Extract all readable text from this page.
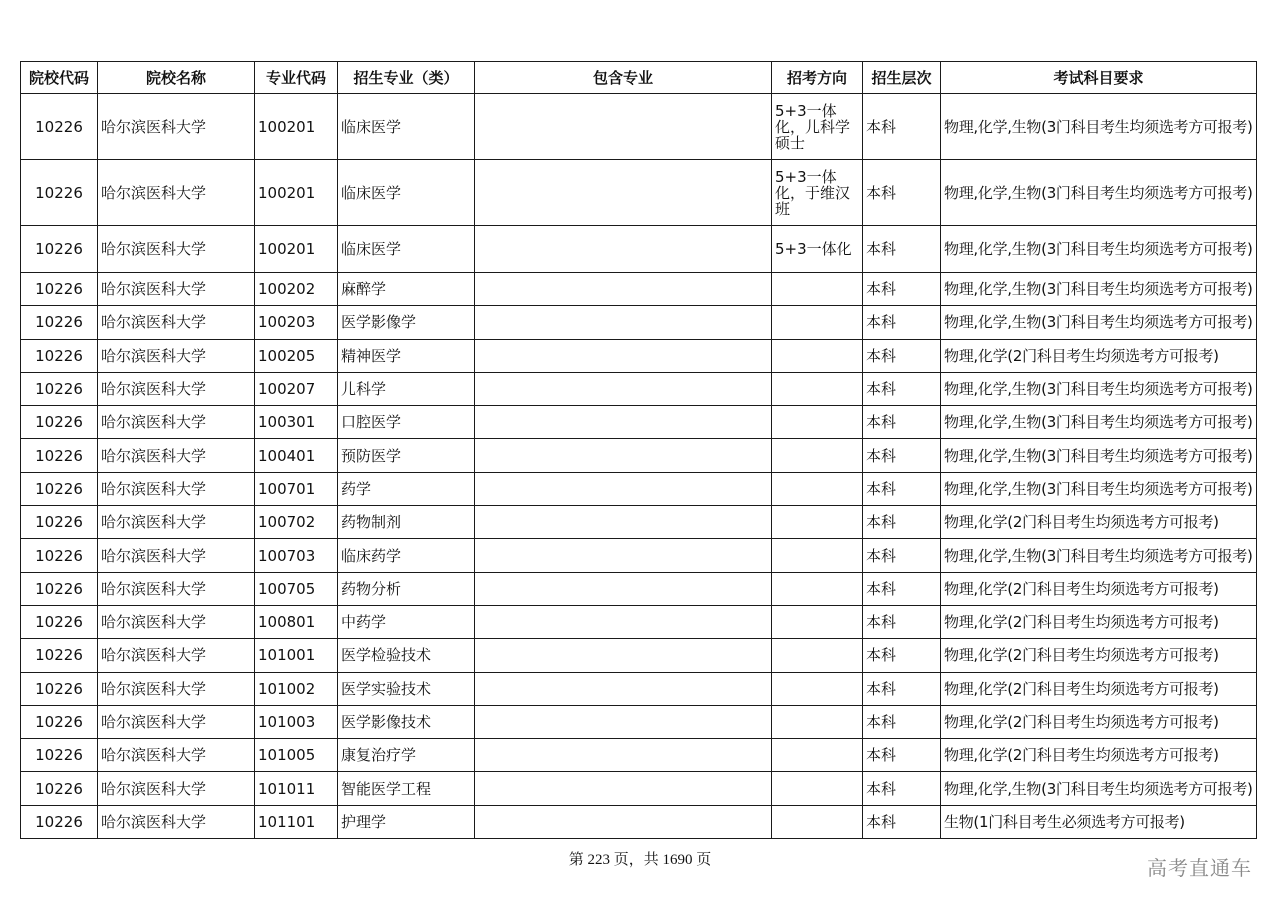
院校代码	院校名称	专业代码	招生专业（类）	包含专业	招考方向	招生层次	考试科目要求
10226	哈尔滨医科大学	100201	临床医学		5+3一体化，儿科学硕士	本科	物理,化学,生物(3门科目考生均须选考方可报考)
10226	哈尔滨医科大学	100201	临床医学		5+3一体化，于维汉班	本科	物理,化学,生物(3门科目考生均须选考方可报考)
10226	哈尔滨医科大学	100201	临床医学		5+3一体化	本科	物理,化学,生物(3门科目考生均须选考方可报考)
10226	哈尔滨医科大学	100202	麻醉学			本科	物理,化学,生物(3门科目考生均须选考方可报考)
10226	哈尔滨医科大学	100203	医学影像学			本科	物理,化学,生物(3门科目考生均须选考方可报考)
10226	哈尔滨医科大学	100205	精神医学			本科	物理,化学(2门科目考生均须选考方可报考)
10226	哈尔滨医科大学	100207	儿科学			本科	物理,化学,生物(3门科目考生均须选考方可报考)
10226	哈尔滨医科大学	100301	口腔医学			本科	物理,化学,生物(3门科目考生均须选考方可报考)
10226	哈尔滨医科大学	100401	预防医学			本科	物理,化学,生物(3门科目考生均须选考方可报考)
10226	哈尔滨医科大学	100701	药学			本科	物理,化学,生物(3门科目考生均须选考方可报考)
10226	哈尔滨医科大学	100702	药物制剂			本科	物理,化学(2门科目考生均须选考方可报考)
10226	哈尔滨医科大学	100703	临床药学			本科	物理,化学,生物(3门科目考生均须选考方可报考)
10226	哈尔滨医科大学	100705	药物分析			本科	物理,化学(2门科目考生均须选考方可报考)
10226	哈尔滨医科大学	100801	中药学			本科	物理,化学(2门科目考生均须选考方可报考)
10226	哈尔滨医科大学	101001	医学检验技术			本科	物理,化学(2门科目考生均须选考方可报考)
10226	哈尔滨医科大学	101002	医学实验技术			本科	物理,化学(2门科目考生均须选考方可报考)
10226	哈尔滨医科大学	101003	医学影像技术			本科	物理,化学(2门科目考生均须选考方可报考)
10226	哈尔滨医科大学	101005	康复治疗学			本科	物理,化学(2门科目考生均须选考方可报考)
10226	哈尔滨医科大学	101011	智能医学工程			本科	物理,化学,生物(3门科目考生均须选考方可报考)
10226	哈尔滨医科大学	101101	护理学			本科	生物(1门科目考生必须选考方可报考)
第 223 页，共 1690 页	高考直通车
